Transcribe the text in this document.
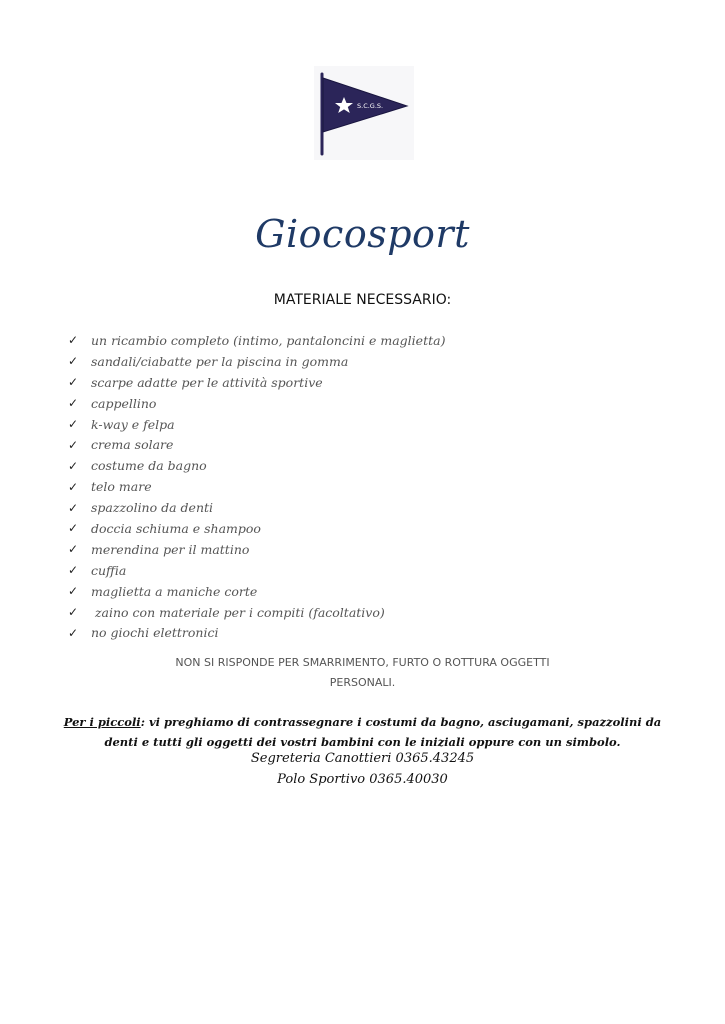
S.C.G.S.
Giocosport
MATERIALE NECESSARIO:
✓	un ricambio completo (intimo, pantaloncini e maglietta)
✓	sandali/ciabatte per la piscina in gomma
✓	scarpe adatte per le attività sportive
✓	cappellino
✓	k-way e felpa
✓	crema solare
✓	costume da bagno
✓	telo mare
✓	spazzolino da denti
✓	doccia schiuma e shampoo
✓	merendina per il mattino
✓	cuffia
✓	maglietta a maniche corte
✓	zaino con materiale per i compiti (facoltativo)
✓	no giochi elettronici
NON SI RISPONDE PER SMARRIMENTO, FURTO O ROTTURA OGGETTI
PERSONALI.
Per i piccoli: vi preghiamo di contrassegnare i costumi da bagno, asciugamani, spazzolini da denti e tutti gli oggetti dei vostri bambini con le iniziali oppure con un simbolo.
Segreteria Canottieri 0365.43245
Polo Sportivo 0365.40030
